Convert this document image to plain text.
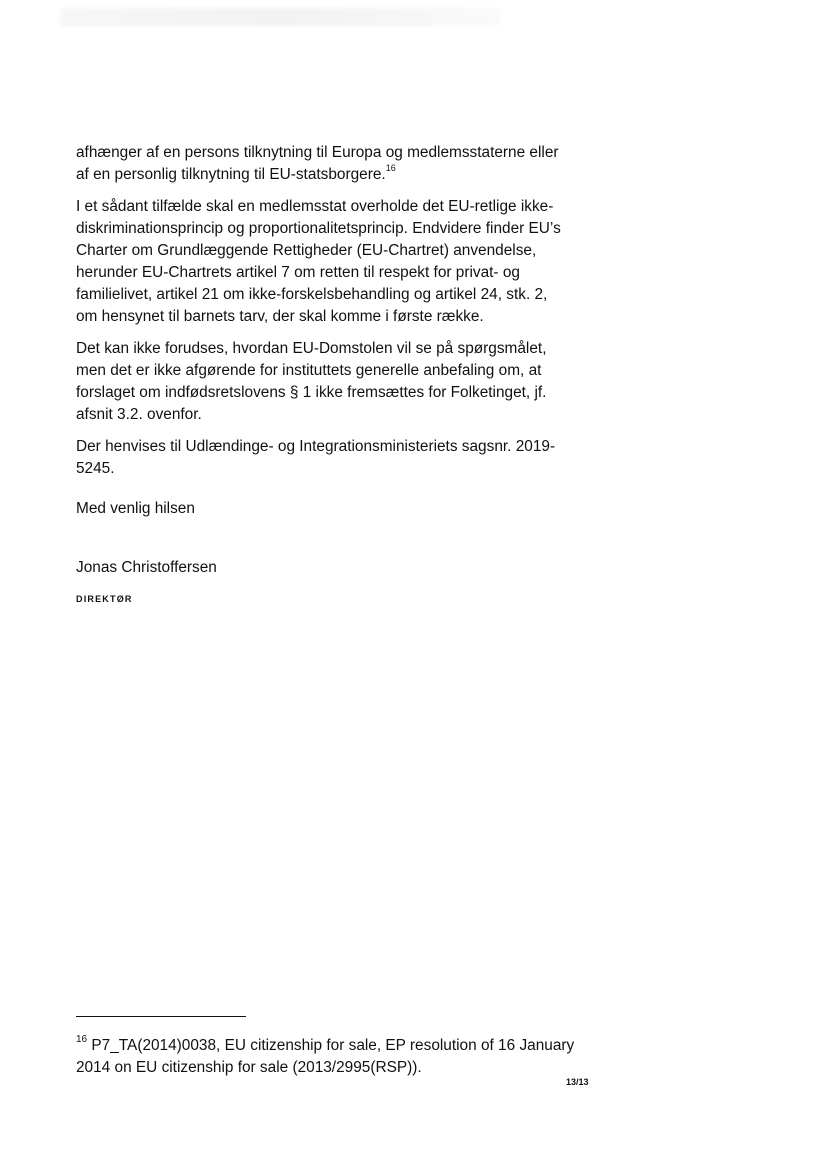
afhænger af en persons tilknytning til Europa og medlemsstaterne eller af en personlig tilknytning til EU-statsborgere.$^{16}$

I et sådant tilfælde skal en medlemsstat overholde det EU-retlige ikke-diskriminationsprincip og proportionalitetsprincip. Endvidere finder EU’s Charter om Grundlæggende Rettigheder (EU-Chartret) anvendelse, herunder EU-Chartrets artikel 7 om retten til respekt for privat- og familielivet, artikel 21 om ikke-forskelsbehandling og artikel 24, stk. 2, om hensynet til barnets tarv, der skal komme i første række.

Det kan ikke forudses, hvordan EU-Domstolen vil se på spørgsmålet, men det er ikke afgørende for instituttets generelle anbefaling om, at forslaget om indfødsretslovens § 1 ikke fremsættes for Folketinget, jf. afsnit 3.2. ovenfor.

Der henvises til Udlændinge- og Integrationsministeriets sagsnr. 2019-5245.

Med venlig hilsen
Jonas Christoffersen
DIREKTØR
$^{16}$ P7_TA(2014)0038, EU citizenship for sale, EP resolution of 16 January 2014 on EU citizenship for sale (2013/2995(RSP)).
13/13
